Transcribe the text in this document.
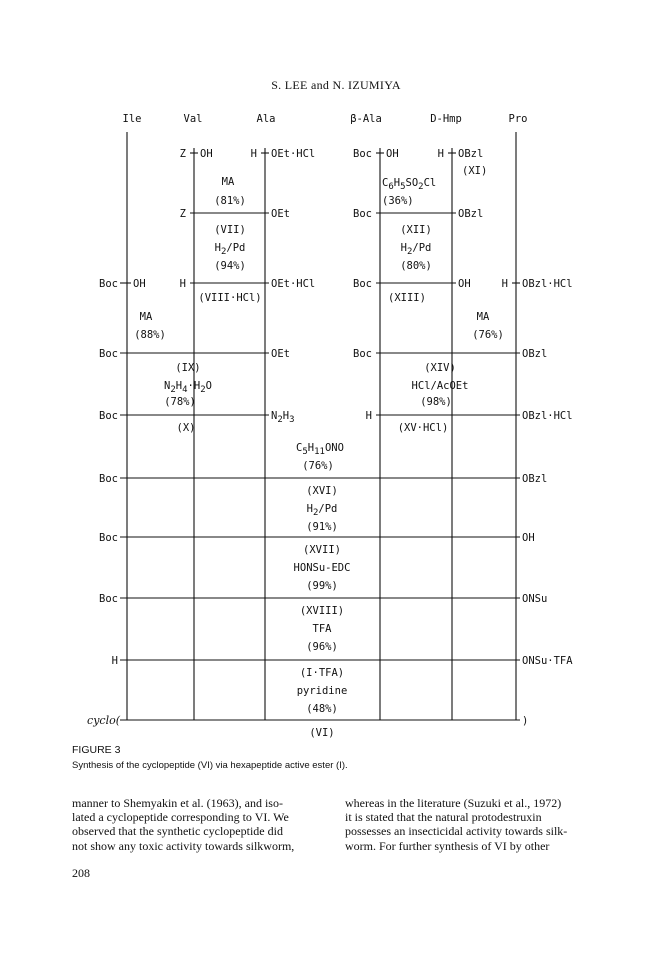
S. LEE and N. IZUMIYA
Ile	Val	Ala	β-Ala	D-Hmp	Pro
Z OH	H OEt·HCl	Boc OH	H OBzl
(XI)
MA
(81%)
C6H5SO2Cl
(36%)
Z	OEt	Boc	OBzl
(VII)	(XII)
H2/Pd	H2/Pd
(94%)	(80%)
Boc OH	H	OEt·HCl	Boc	OH	H OBzl·HCl
(VIII·HCl)	(XIII)
MA	MA
(88%)	(76%)
Boc	OEt	Boc	OBzl
(IX)	(XIV)
N2H4·H2O	HCl/AcOEt
(78%)	(98%)
Boc	N2H3	H	OBzl·HCl
(X)	(XV·HCl)
C5H11ONO
(76%)
Boc	OBzl
(XVI)
H2/Pd
(91%)
Boc	OH
(XVII)
HONSu-EDC
(99%)
Boc	ONSu
(XVIII)
TFA
(96%)
H	ONSu·TFA
(I·TFA)
pyridine
(48%)
cyclo(	)
(VI)
FIGURE 3
Synthesis of the cyclopeptide (VI) via hexapeptide active ester (I).
manner to Shemyakin et al. (1963), and iso-
lated a cyclopeptide corresponding to VI. We
observed that the synthetic cyclopeptide did
not show any toxic activity towards silkworm,
whereas in the literature (Suzuki et al., 1972)
it is stated that the natural protodestruxin
possesses an insecticidal activity towards silk-
worm. For further synthesis of VI by other
208
